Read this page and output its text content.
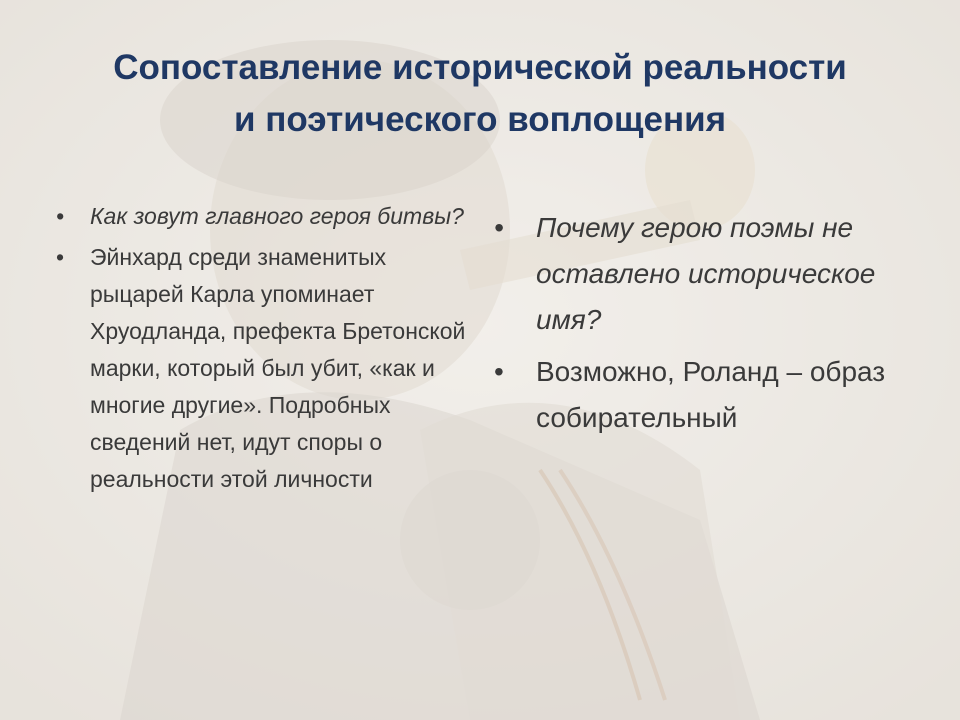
Сопоставление исторической реальности
и поэтического воплощения
• Как зовут главного героя битвы?
• Эйнхард среди знаменитых рыцарей Карла упоминает Хруодланда, префекта Бретонской марки, который был убит, «как и многие другие». Подробных сведений нет, идут споры о реальности этой личности
• Почему герою поэмы не оставлено историческое имя?
• Возможно, Роланд – образ собирательный
